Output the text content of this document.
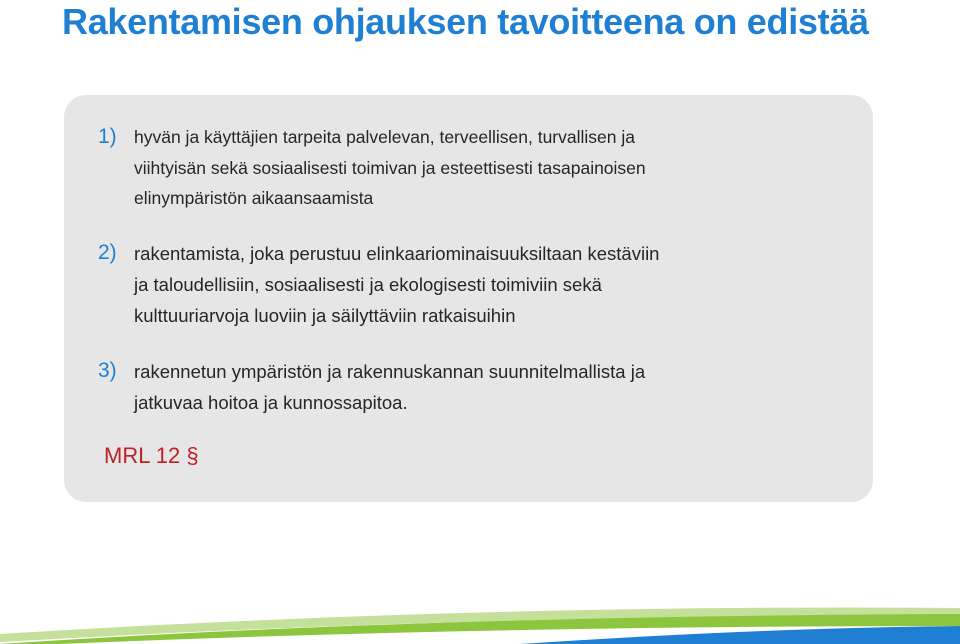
Rakentamisen ohjauksen tavoitteena on edistää
1) hyvän ja käyttäjien tarpeita palvelevan, terveellisen, turvallisen ja
viihtyisän sekä sosiaalisesti toimivan ja esteettisesti tasapainoisen
elinympäristön aikaansaamista
2) rakentamista, joka perustuu elinkaariominaisuuksiltaan kestäviin
ja taloudellisiin, sosiaalisesti ja ekologisesti toimiviin sekä
kulttuuriarvoja luoviin ja säilyttäviin ratkaisuihin
3) rakennetun ympäristön ja rakennuskannan suunnitelmallista ja
jatkuvaa hoitoa ja kunnossapitoa.
MRL 12 §
